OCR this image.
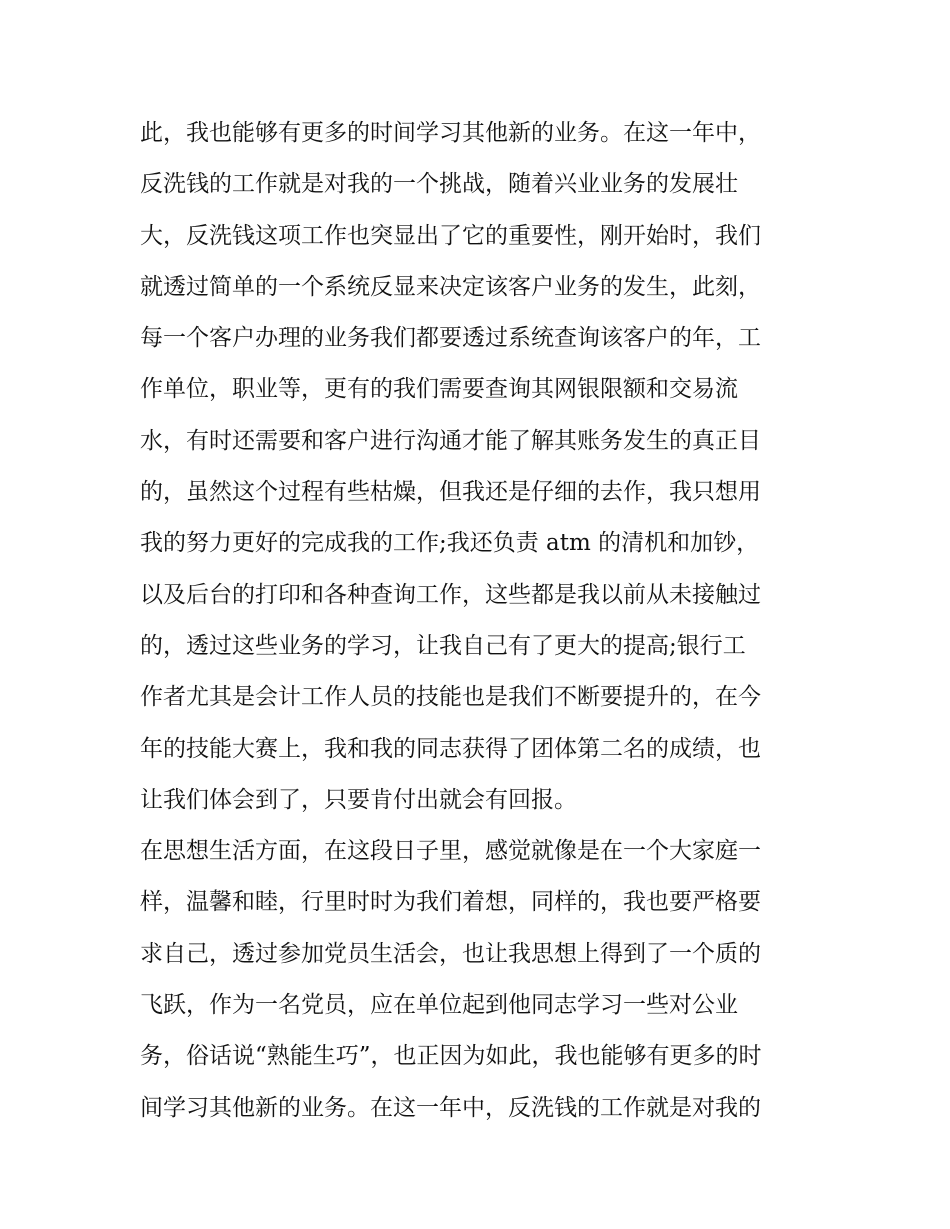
此，我也能够有更多的时间学习其他新的业务。在这一年中，
反洗钱的工作就是对我的一个挑战，随着兴业业务的发展壮
大，反洗钱这项工作也突显出了它的重要性，刚开始时，我们
就透过简单的一个系统反显来决定该客户业务的发生，此刻，
每一个客户办理的业务我们都要透过系统查询该客户的年，工
作单位，职业等，更有的我们需要查询其网银限额和交易流
水，有时还需要和客户进行沟通才能了解其账务发生的真正目
的，虽然这个过程有些枯燥，但我还是仔细的去作，我只想用
我的努力更好的完成我的工作;我还负责 atm 的清机和加钞，
以及后台的打印和各种查询工作，这些都是我以前从未接触过
的，透过这些业务的学习，让我自己有了更大的提高;银行工
作者尤其是会计工作人员的技能也是我们不断要提升的，在今
年的技能大赛上，我和我的同志获得了团体第二名的成绩，也
让我们体会到了，只要肯付出就会有回报。
在思想生活方面，在这段日子里，感觉就像是在一个大家庭一
样，温馨和睦，行里时时为我们着想，同样的，我也要严格要
求自己，透过参加党员生活会，也让我思想上得到了一个质的
飞跃，作为一名党员，应在单位起到他同志学习一些对公业
务，俗话说“熟能生巧”，也正因为如此，我也能够有更多的时
间学习其他新的业务。在这一年中，反洗钱的工作就是对我的
